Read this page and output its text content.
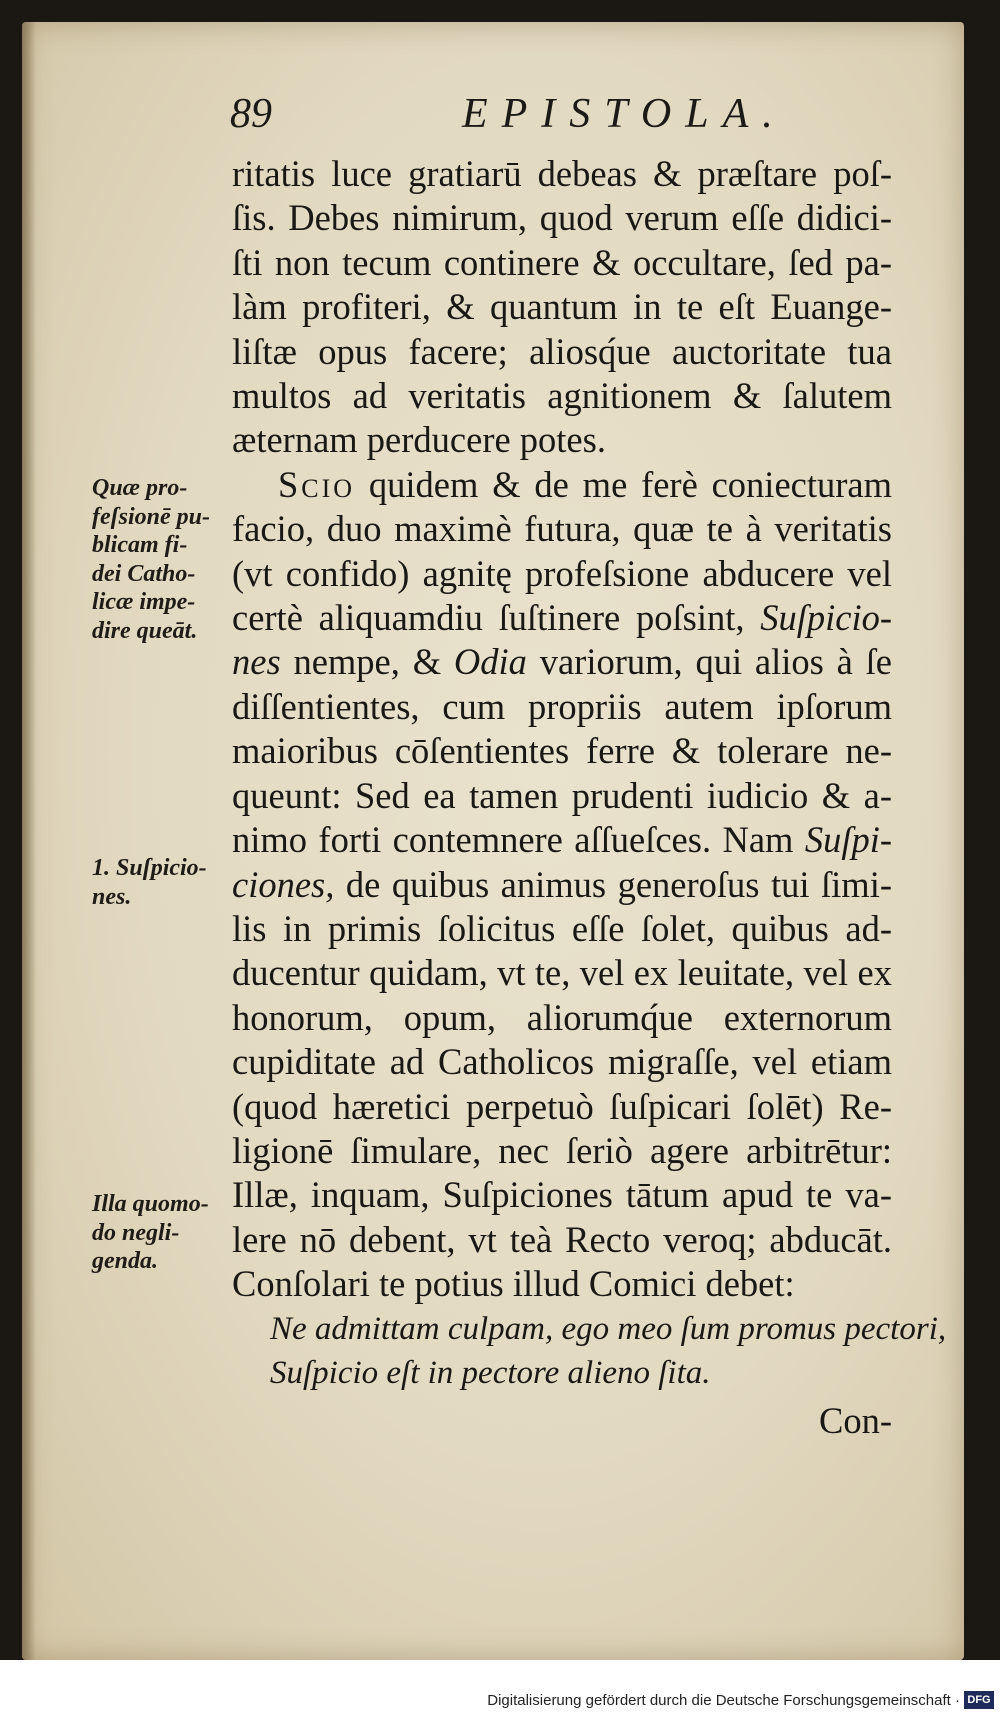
89	EPISTOLA.
ritatis luce gratiarū debeas & præſtare poſ-
ſis. Debes nimirum, quod verum eſſe didici-
ſti non tecum continere & occultare, ſed pa-
làm profiteri, & quantum in te eſt Euange-
liſtæ opus facere; aliosq́ue auctoritate tua
multos ad veritatis agnitionem & ſalutem
æternam perducere potes.
Scio quidem & de me ferè coniecturam
facio, duo maximè futura, quæ te à veritatis
(vt confido) agnitę profeſsione abducere vel
certè aliquamdiu ſuſtinere poſsint, Suſpicio-
nes nempe, & Odia variorum, qui alios à ſe
diſſentientes, cum propriis autem ipſorum
maioribus cōſentientes ferre & tolerare ne-
queunt: Sed ea tamen prudenti iudicio & a-
nimo forti contemnere aſſueſces. Nam Suſpi-
ciones, de quibus animus generoſus tui ſimi-
lis in primis ſolicitus eſſe ſolet, quibus ad-
ducentur quidam, vt te, vel ex leuitate, vel ex
honorum, opum, aliorumq́ue externorum
cupiditate ad Catholicos migraſſe, vel etiam
(quod hæretici perpetuò ſuſpicari ſolēt) Re-
ligionē ſimulare, nec ſeriò agere arbitrētur:
Illæ, inquam, Suſpiciones tātum apud te va-
lere nō debent, vt teà Recto veroq; abducāt.
Conſolari te potius illud Comici debet:
Ne admittam culpam, ego meo ſum promus pectori,
Suſpicio eſt in pectore alieno ſita.
Con-
Quæ pro-
feſsionē pu-
blicam fi-
dei Catho-
licæ impe-
dire queāt.
1. Suſpicio-
nes.
Illa quomo-
do negli-
genda.
Digitalisierung gefördert durch die Deutsche Forschungsgemeinschaft · DFG
